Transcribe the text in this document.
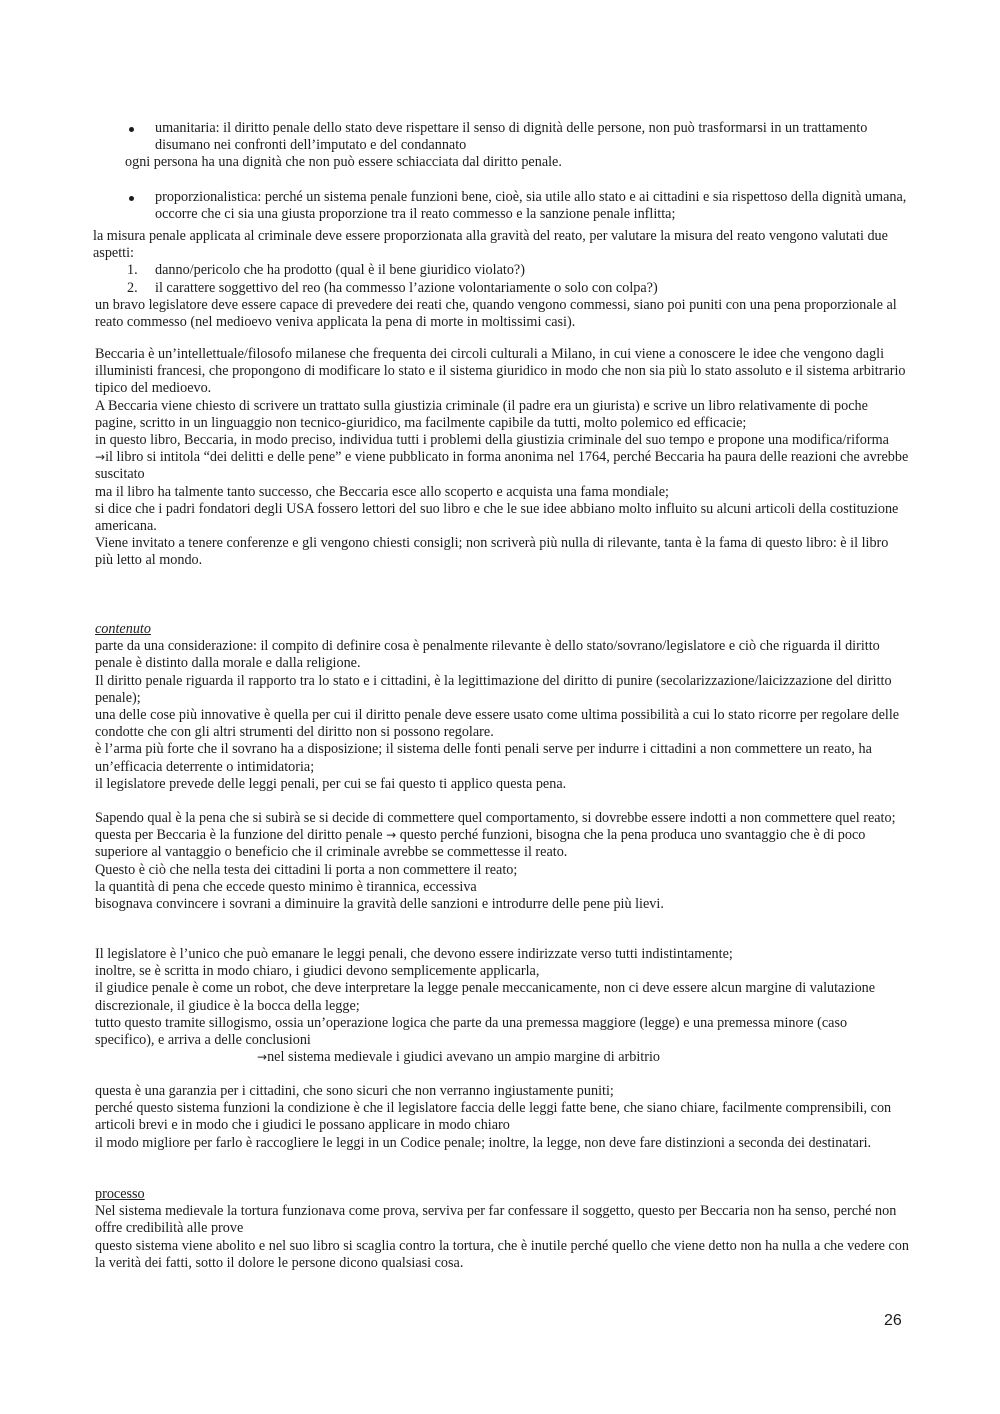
umanitaria: il diritto penale dello stato deve rispettare il senso di dignità delle persone, non può trasformarsi in un trattamento disumano nei confronti dell’imputato e del condannato

ogni persona ha una dignità che non può essere schiacciata dal diritto penale.

proporzionalistica: perché un sistema penale funzioni bene, cioè, sia utile allo stato e ai cittadini e sia rispettoso della dignità umana, occorre che ci sia una giusta proporzione tra il reato commesso e la sanzione penale inflitta;

la misura penale applicata al criminale deve essere proporzionata alla gravità del reato, per valutare la misura del reato vengono valutati due aspetti:

1. danno/pericolo che ha prodotto (qual è il bene giuridico violato?)

2. il carattere soggettivo del reo (ha commesso l’azione volontariamente o solo con colpa?)

un bravo legislatore deve essere capace di prevedere dei reati che, quando vengono commessi, siano poi puniti con una pena proporzionale al reato commesso (nel medioevo veniva applicata la pena di morte in moltissimi casi).

Beccaria è un’intellettuale/filosofo milanese che frequenta dei circoli culturali a Milano, in cui viene a conoscere le idee che vengono dagli illuministi francesi, che propongono di modificare lo stato e il sistema giuridico in modo che non sia più lo stato assoluto e il sistema arbitrario tipico del medioevo.

A Beccaria viene chiesto di scrivere un trattato sulla giustizia criminale (il padre era un giurista) e scrive un libro relativamente di poche pagine, scritto in un linguaggio non tecnico-giuridico, ma facilmente capibile da tutti, molto polemico ed efficacie;

in questo libro, Beccaria, in modo preciso, individua tutti i problemi della giustizia criminale del suo tempo e propone una modifica/riforma

→il libro si intitola “dei delitti e delle pene” e viene pubblicato in forma anonima nel 1764, perché Beccaria ha paura delle reazioni che avrebbe suscitato

ma il libro ha talmente tanto successo, che Beccaria esce allo scoperto e acquista una fama mondiale;

si dice che i padri fondatori degli USA fossero lettori del suo libro e che le sue idee abbiano molto influito su alcuni articoli della costituzione americana.

Viene invitato a tenere conferenze e gli vengono chiesti consigli; non scriverà più nulla di rilevante, tanta è la fama di questo libro: è il libro più letto al mondo.

contenuto

parte da una considerazione: il compito di definire cosa è penalmente rilevante è dello stato/sovrano/legislatore e ciò che riguarda il diritto penale è distinto dalla morale e dalla religione.

Il diritto penale riguarda il rapporto tra lo stato e i cittadini, è la legittimazione del diritto di punire (secolarizzazione/laicizzazione del diritto penale);

una delle cose più innovative è quella per cui il diritto penale deve essere usato come ultima possibilità a cui lo stato ricorre per regolare delle condotte che con gli altri strumenti del diritto non si possono regolare.

è l’arma più forte che il sovrano ha a disposizione; il sistema delle fonti penali serve per indurre i cittadini a non commettere un reato, ha un’efficacia deterrente o intimidatoria;

il legislatore prevede delle leggi penali, per cui se fai questo ti applico questa pena.

Sapendo qual è la pena che si subirà se si decide di commettere quel comportamento, si dovrebbe essere indotti a non commettere quel reato;

questa per Beccaria è la funzione del diritto penale → questo perché funzioni, bisogna che la pena produca uno svantaggio che è di poco superiore al vantaggio o beneficio che il criminale avrebbe se commettesse il reato.

Questo è ciò che nella testa dei cittadini li porta a non commettere il reato;

la quantità di pena che eccede questo minimo è tirannica, eccessiva

bisognava convincere i sovrani a diminuire la gravità delle sanzioni e introdurre delle pene più lievi.

Il legislatore è l’unico che può emanare le leggi penali, che devono essere indirizzate verso tutti indistintamente;

inoltre, se è scritta in modo chiaro, i giudici devono semplicemente applicarla,

il giudice penale è come un robot, che deve interpretare la legge penale meccanicamente, non ci deve essere alcun margine di valutazione discrezionale, il giudice è la bocca della legge;

tutto questo tramite sillogismo, ossia un’operazione logica che parte da una premessa maggiore (legge) e una premessa minore (caso specifico), e arriva a delle conclusioni

→nel sistema medievale i giudici avevano un ampio margine di arbitrio

questa è una garanzia per i cittadini, che sono sicuri che non verranno ingiustamente puniti;

perché questo sistema funzioni la condizione è che il legislatore faccia delle leggi fatte bene, che siano chiare, facilmente comprensibili, con articoli brevi e in modo che i giudici le possano applicare in modo chiaro

il modo migliore per farlo è raccogliere le leggi in un Codice penale; inoltre, la legge, non deve fare distinzioni a seconda dei destinatari.

processo

Nel sistema medievale la tortura funzionava come prova, serviva per far confessare il soggetto, questo per Beccaria non ha senso, perché non offre credibilità alle prove

questo sistema viene abolito e nel suo libro si scaglia contro la tortura, che è inutile perché quello che viene detto non ha nulla a che vedere con la verità dei fatti, sotto il dolore le persone dicono qualsiasi cosa.

26
